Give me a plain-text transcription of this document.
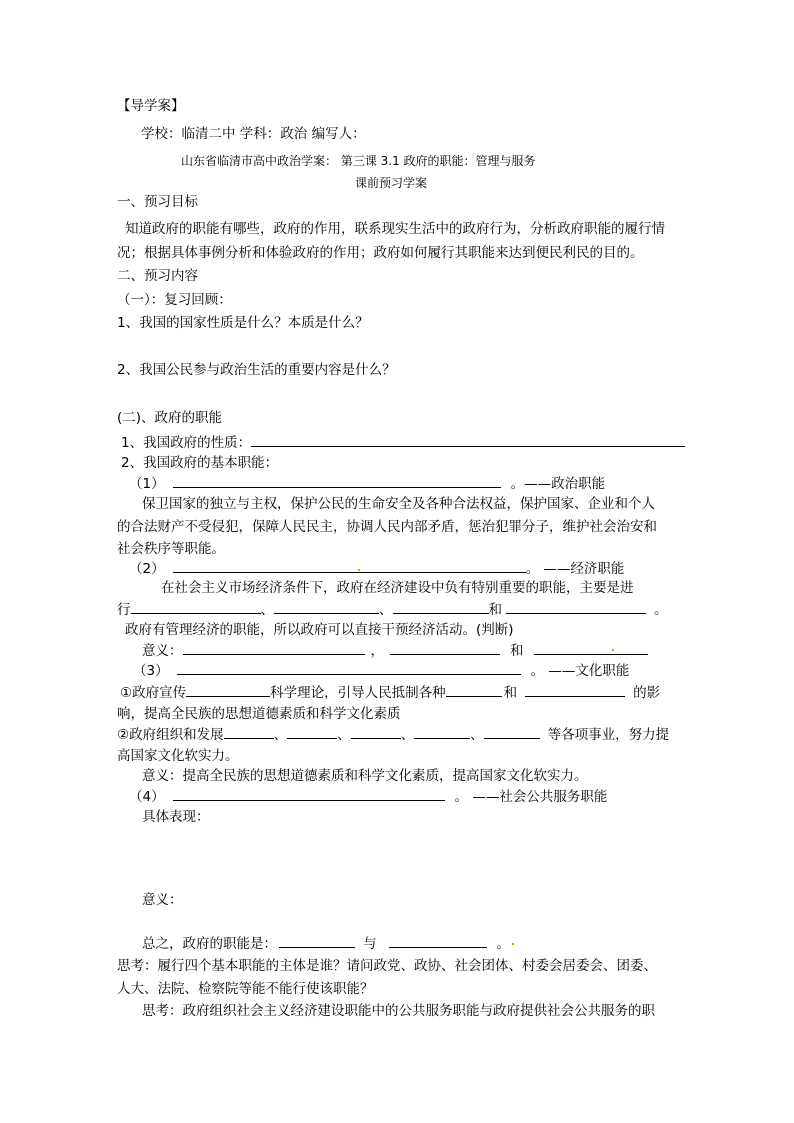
【导学案】
学校：临清二中 学科：政治 编写人：
山东省临清市高中政治学案： 第三课 3.1 政府的职能：管理与服务
课前预习学案
一、预习目标
知道政府的职能有哪些，政府的作用，联系现实生活中的政府行为，分析政府职能的履行情
况；根据具体事例分析和体验政府的作用；政府如何履行其职能来达到便民利民的目的。
二、预习内容
（一）：复习回顾：
1、我国的国家性质是什么？本质是什么？
2、我国公民参与政治生活的重要内容是什么？
(二)、政府的职能
1、我国政府的性质：
2、我国政府的基本职能：
（1）	。——政治职能
保卫国家的独立与主权，保护公民的生命安全及各种合法权益，保护国家、企业和个人
的合法财产不受侵犯，保障人民民主，协调人民内部矛盾，惩治犯罪分子，维护社会治安和
社会秩序等职能。
（2）	。 ——经济职能
在社会主义市场经济条件下，政府在经济建设中负有特别重要的职能，主要是进
行	、	、	和	。
政府有管理经济的职能，所以政府可以直接干预经济活动。(判断)
意义：	，	和
（3）	。 ——文化职能
①政府宣传	科学理论，引导人民抵制各种	和	的影
响，提高全民族的思想道德素质和科学文化素质
②政府组织和发展	、	、	、	、	等各项事业，努力提
高国家文化软实力。
意义：提高全民族的思想道德素质和科学文化素质，提高国家文化软实力。
（4）	。 ——社会公共服务职能
具体表现：
意义：
总之，政府的职能是：	与	。
思考：履行四个基本职能的主体是谁？请问政党、政协、社会团体、村委会居委会、团委、
人大、法院、检察院等能不能行使该职能？
思考：政府组织社会主义经济建设职能中的公共服务职能与政府提供社会公共服务的职
